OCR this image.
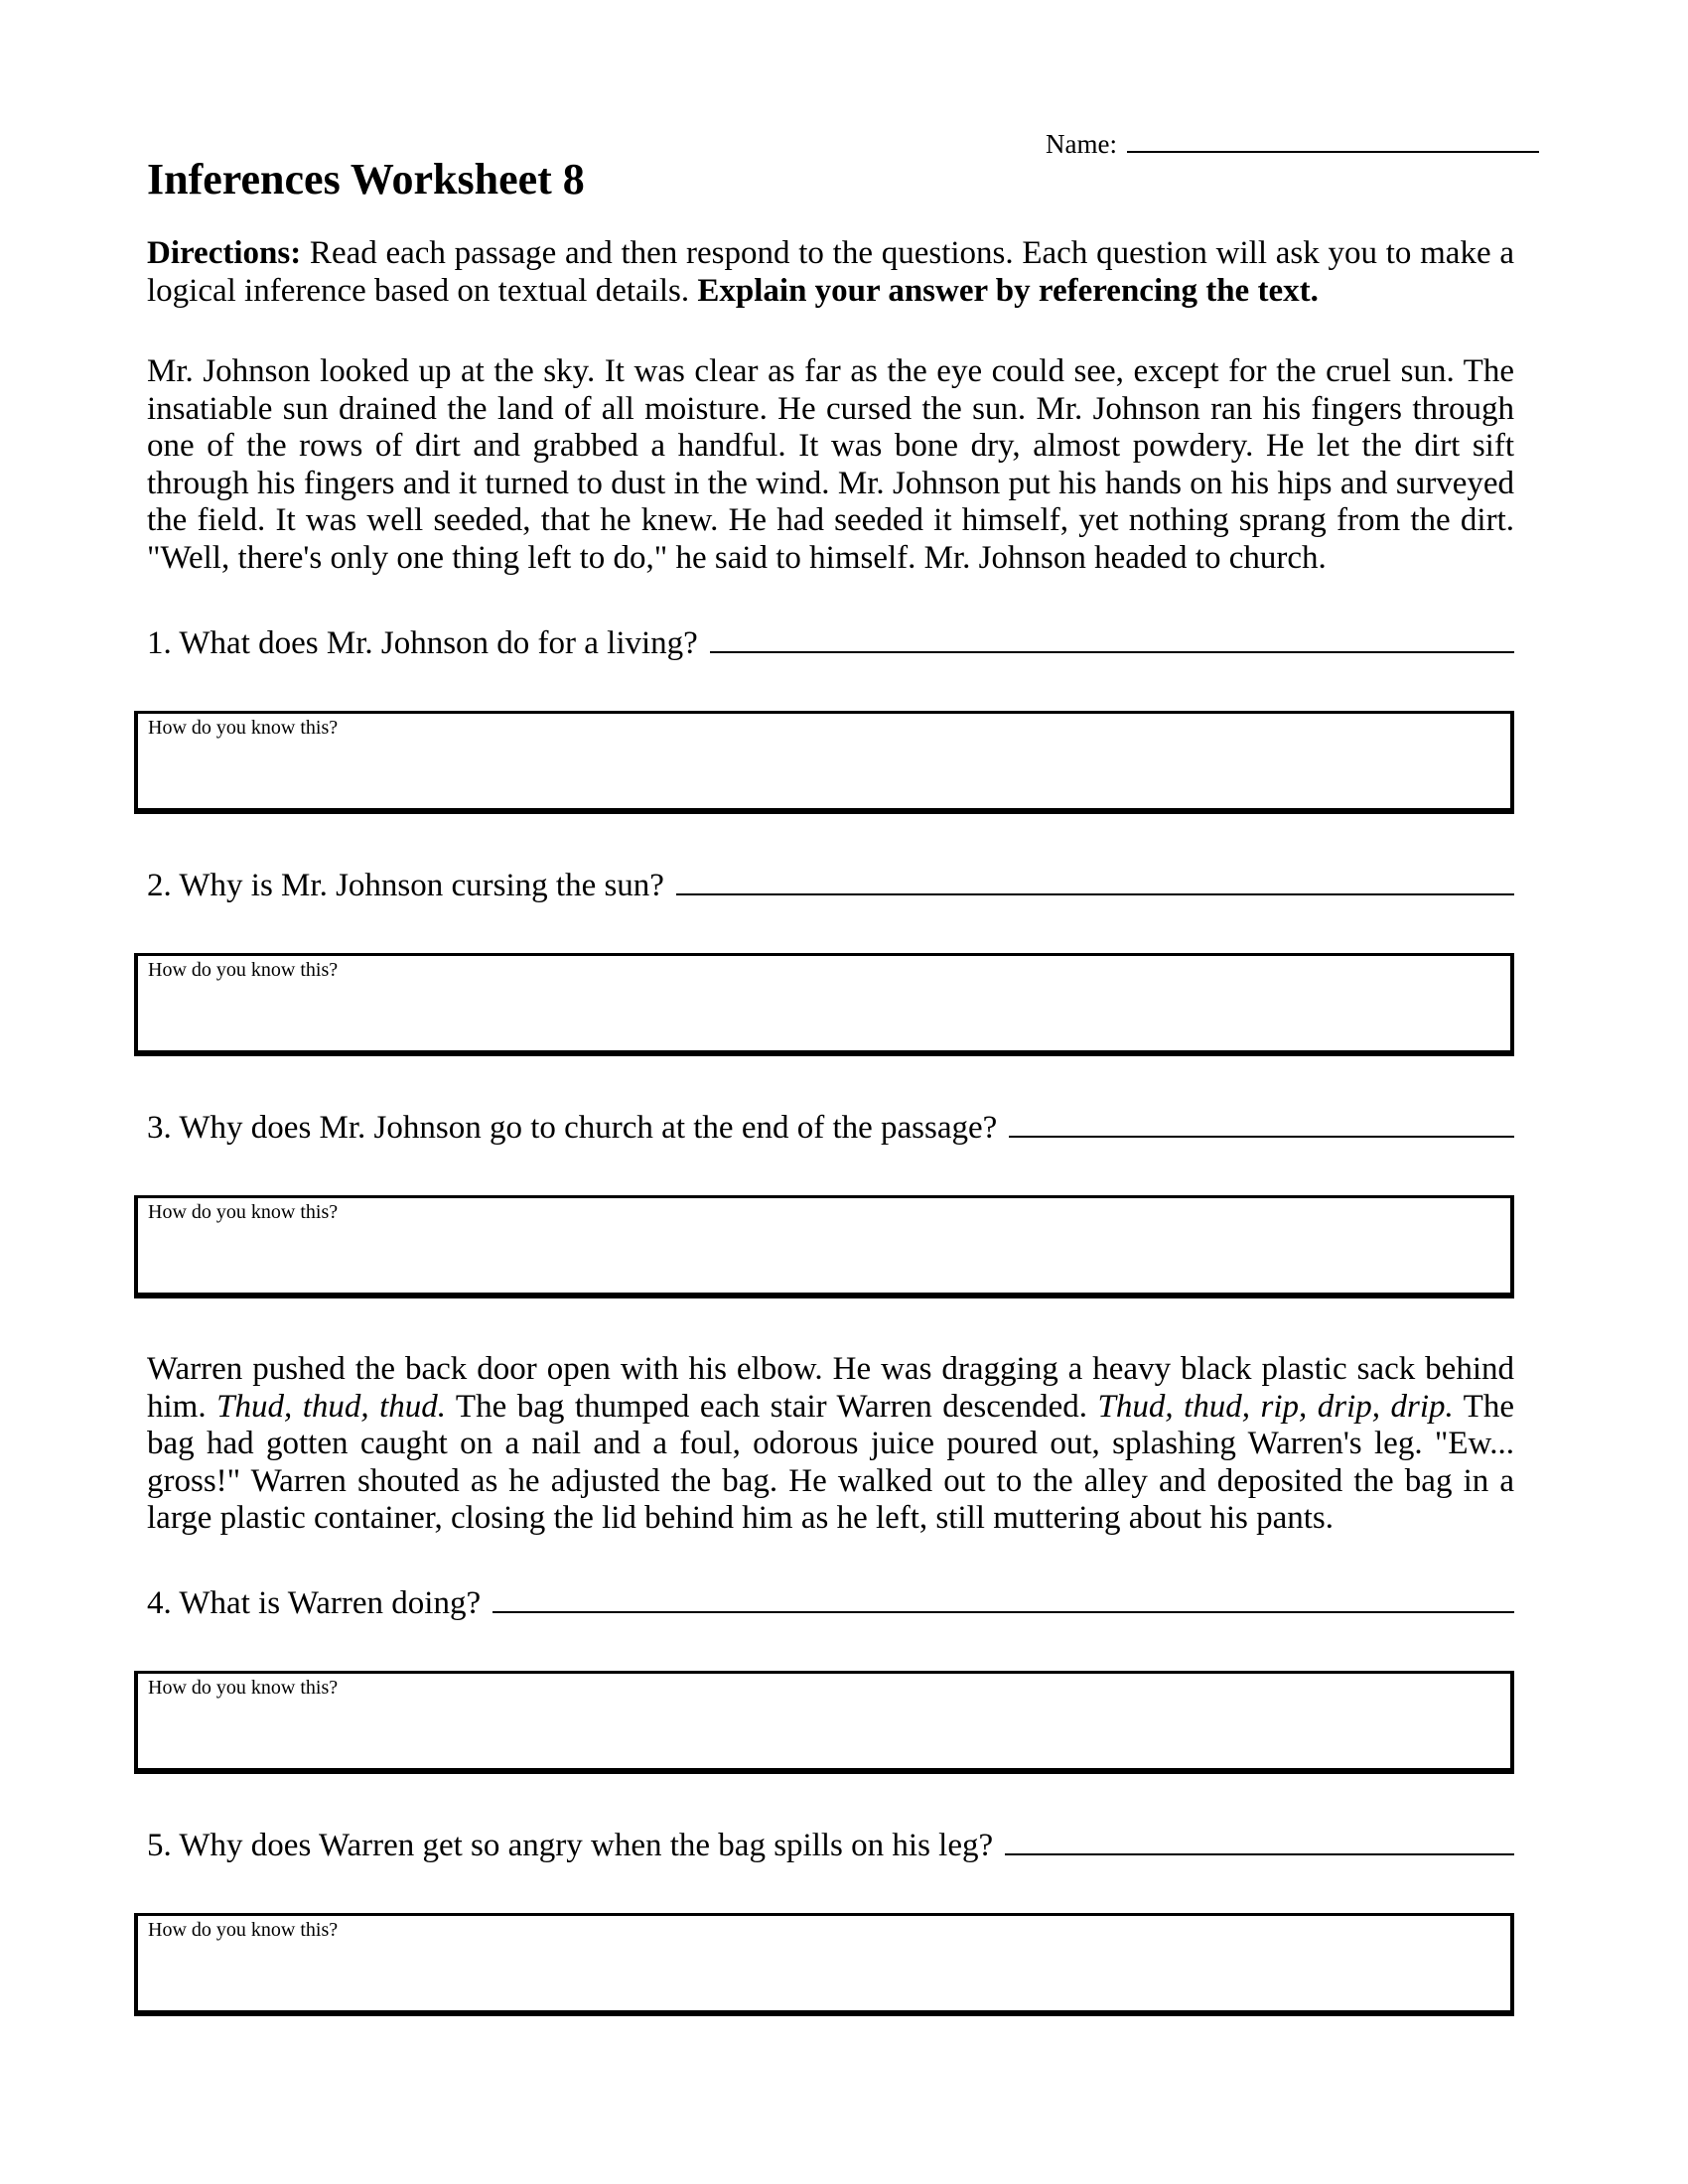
Name:
Inferences Worksheet 8
Directions: Read each passage and then respond to the questions. Each question will ask you to make a logical inference based on textual details. Explain your answer by referencing the text.
Mr. Johnson looked up at the sky. It was clear as far as the eye could see, except for the cruel sun. The insatiable sun drained the land of all moisture. He cursed the sun. Mr. Johnson ran his fingers through one of the rows of dirt and grabbed a handful. It was bone dry, almost powdery. He let the dirt sift through his fingers and it turned to dust in the wind. Mr. Johnson put his hands on his hips and surveyed the field. It was well seeded, that he knew. He had seeded it himself, yet nothing sprang from the dirt. "Well, there's only one thing left to do," he said to himself. Mr. Johnson headed to church.
1. What does Mr. Johnson do for a living?
How do you know this?
2. Why is Mr. Johnson cursing the sun?
How do you know this?
3. Why does Mr. Johnson go to church at the end of the passage?
How do you know this?
Warren pushed the back door open with his elbow. He was dragging a heavy black plastic sack behind him. Thud, thud, thud. The bag thumped each stair Warren descended. Thud, thud, rip, drip, drip. The bag had gotten caught on a nail and a foul, odorous juice poured out, splashing Warren's leg. "Ew... gross!" Warren shouted as he adjusted the bag. He walked out to the alley and deposited the bag in a large plastic container, closing the lid behind him as he left, still muttering about his pants.
4. What is Warren doing?
How do you know this?
5. Why does Warren get so angry when the bag spills on his leg?
How do you know this?
